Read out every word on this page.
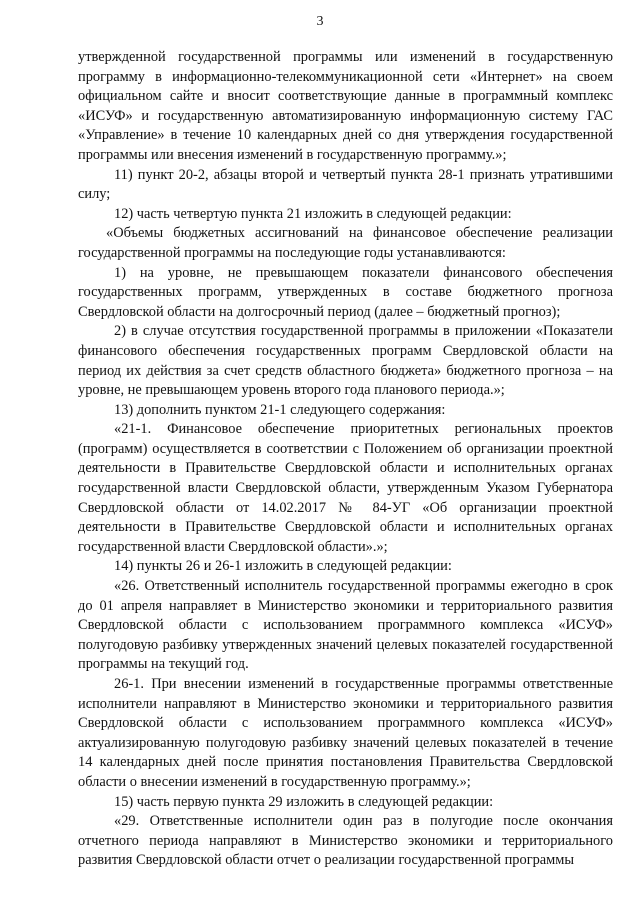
3

утвержденной государственной программы или изменений в государственную программу в информационно-телекоммуникационной сети «Интернет» на своем официальном сайте и вносит соответствующие данные в программный комплекс «ИСУФ» и государственную автоматизированную информационную систему ГАС «Управление» в течение 10 календарных дней со дня утверждения государственной программы или внесения изменений в государственную программу.»;

11) пункт 20-2, абзацы второй и четвертый пункта 28-1 признать утратившими силу;

12) часть четвертую пункта 21 изложить в следующей редакции:

«Объемы бюджетных ассигнований на финансовое обеспечение реализации государственной программы на последующие годы устанавливаются:

1) на уровне, не превышающем показатели финансового обеспечения государственных программ, утвержденных в составе бюджетного прогноза Свердловской области на долгосрочный период (далее – бюджетный прогноз);

2) в случае отсутствия государственной программы в приложении «Показатели финансового обеспечения государственных программ Свердловской области на период их действия за счет средств областного бюджета» бюджетного прогноза – на уровне, не превышающем уровень второго года планового периода.»;

13) дополнить пунктом 21-1 следующего содержания:

«21-1. Финансовое обеспечение приоритетных региональных проектов (программ) осуществляется в соответствии с Положением об организации проектной деятельности в Правительстве Свердловской области и исполнительных органах государственной власти Свердловской области, утвержденным Указом Губернатора Свердловской области от 14.02.2017 № 84-УГ «Об организации проектной деятельности в Правительстве Свердловской области и исполнительных органах государственной власти Свердловской области».»;

14) пункты 26 и 26-1 изложить в следующей редакции:

«26. Ответственный исполнитель государственной программы ежегодно в срок до 01 апреля направляет в Министерство экономики и территориального развития Свердловской области с использованием программного комплекса «ИСУФ» полугодовую разбивку утвержденных значений целевых показателей государственной программы на текущий год.

26-1. При внесении изменений в государственные программы ответственные исполнители направляют в Министерство экономики и территориального развития Свердловской области с использованием программного комплекса «ИСУФ» актуализированную полугодовую разбивку значений целевых показателей в течение 14 календарных дней после принятия постановления Правительства Свердловской области о внесении изменений в государственную программу.»;

15) часть первую пункта 29 изложить в следующей редакции:

«29. Ответственные исполнители один раз в полугодие после окончания отчетного периода направляют в Министерство экономики и территориального развития Свердловской области отчет о реализации государственной программы
